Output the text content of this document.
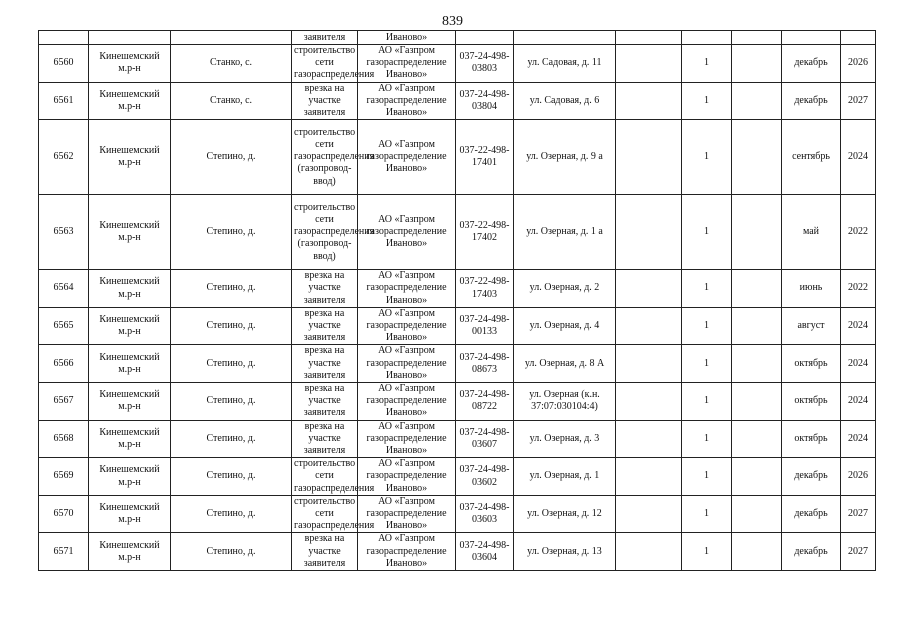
839
			заявителя	Иваново»							
6560	Кинешемский м.р-н	Станко, с.	строительство сети газораспределения	АО «Газпром газораспределение Иваново»	037-24-498-03803	ул. Садовая, д. 11		1		декабрь	2026
6561	Кинешемский м.р-н	Станко, с.	врезка на участке заявителя	АО «Газпром газораспределение Иваново»	037-24-498-03804	ул. Садовая, д. 6		1		декабрь	2027
6562	Кинешемский м.р-н	Степино, д.	строительство сети газораспределения (газопровод-ввод)	АО «Газпром газораспределение Иваново»	037-22-498-17401	ул. Озерная, д. 9 а		1		сентябрь	2024
6563	Кинешемский м.р-н	Степино, д.	строительство сети газораспределения (газопровод-ввод)	АО «Газпром газораспределение Иваново»	037-22-498-17402	ул. Озерная, д. 1 а		1		май	2022
6564	Кинешемский м.р-н	Степино, д.	врезка на участке заявителя	АО «Газпром газораспределение Иваново»	037-22-498-17403	ул. Озерная, д. 2		1		июнь	2022
6565	Кинешемский м.р-н	Степино, д.	врезка на участке заявителя	АО «Газпром газораспределение Иваново»	037-24-498-00133	ул. Озерная, д. 4		1		август	2024
6566	Кинешемский м.р-н	Степино, д.	врезка на участке заявителя	АО «Газпром газораспределение Иваново»	037-24-498-08673	ул. Озерная, д. 8 А		1		октябрь	2024
6567	Кинешемский м.р-н	Степино, д.	врезка на участке заявителя	АО «Газпром газораспределение Иваново»	037-24-498-08722	ул. Озерная (к.н. 37:07:030104:4)		1		октябрь	2024
6568	Кинешемский м.р-н	Степино, д.	врезка на участке заявителя	АО «Газпром газораспределение Иваново»	037-24-498-03607	ул. Озерная, д. 3		1		октябрь	2024
6569	Кинешемский м.р-н	Степино, д.	строительство сети газораспределения	АО «Газпром газораспределение Иваново»	037-24-498-03602	ул. Озерная, д. 1		1		декабрь	2026
6570	Кинешемский м.р-н	Степино, д.	строительство сети газораспределения	АО «Газпром газораспределение Иваново»	037-24-498-03603	ул. Озерная, д. 12		1		декабрь	2027
6571	Кинешемский м.р-н	Степино, д.	врезка на участке заявителя	АО «Газпром газораспределение Иваново»	037-24-498-03604	ул. Озерная, д. 13		1		декабрь	2027
